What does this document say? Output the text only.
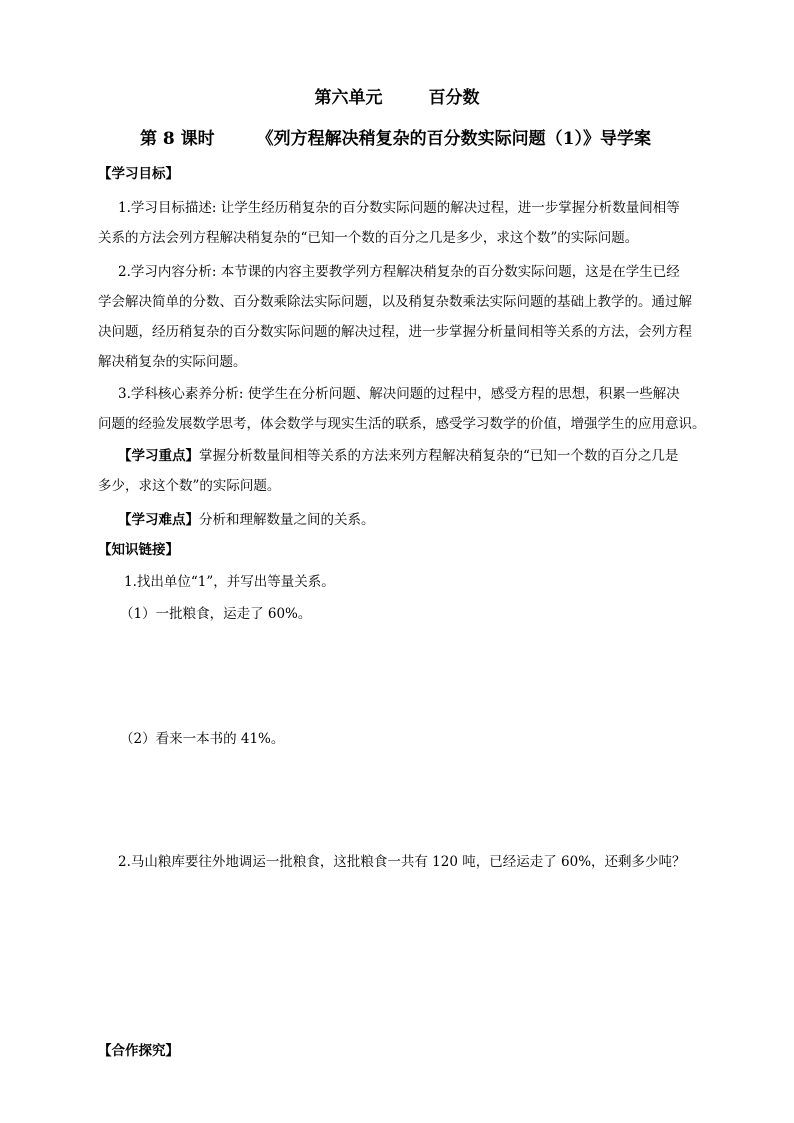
第六单元	百分数
第 8 课时 《列方程解决稍复杂的百分数实际问题（1）》导学案
【学习目标】
1.学习目标描述: 让学生经历稍复杂的百分数实际问题的解决过程，进一步掌握分析数量间相等
关系的方法会列方程解决稍复杂的“已知一个数的百分之几是多少，求这个数”的实际问题。
2.学习内容分析: 本节课的内容主要教学列方程解决稍复杂的百分数实际问题，这是在学生已经
学会解决简单的分数、百分数乘除法实际问题，以及稍复杂数乘法实际问题的基础上教学的。通过解
决问题，经历稍复杂的百分数实际问题的解决过程，进一步掌握分析量间相等关系的方法，会列方程
解决稍复杂的实际问题。
3.学科核心素养分析: 使学生在分析问题、解决问题的过程中，感受方程的思想，积累一些解决
问题的经验发展数学思考，体会数学与现实生活的联系，感受学习数学的价值，增强学生的应用意识。
【学习重点】掌握分析数量间相等关系的方法来列方程解决稍复杂的“已知一个数的百分之几是
多少，求这个数”的实际问题。
【学习难点】分析和理解数量之间的关系。
【知识链接】
1.找出单位“1”，并写出等量关系。
（1）一批粮食，运走了 60%。
（2）看来一本书的 41%。
2.马山粮库要往外地调运一批粮食，这批粮食一共有 120 吨，已经运走了 60%，还剩多少吨？
【合作探究】
